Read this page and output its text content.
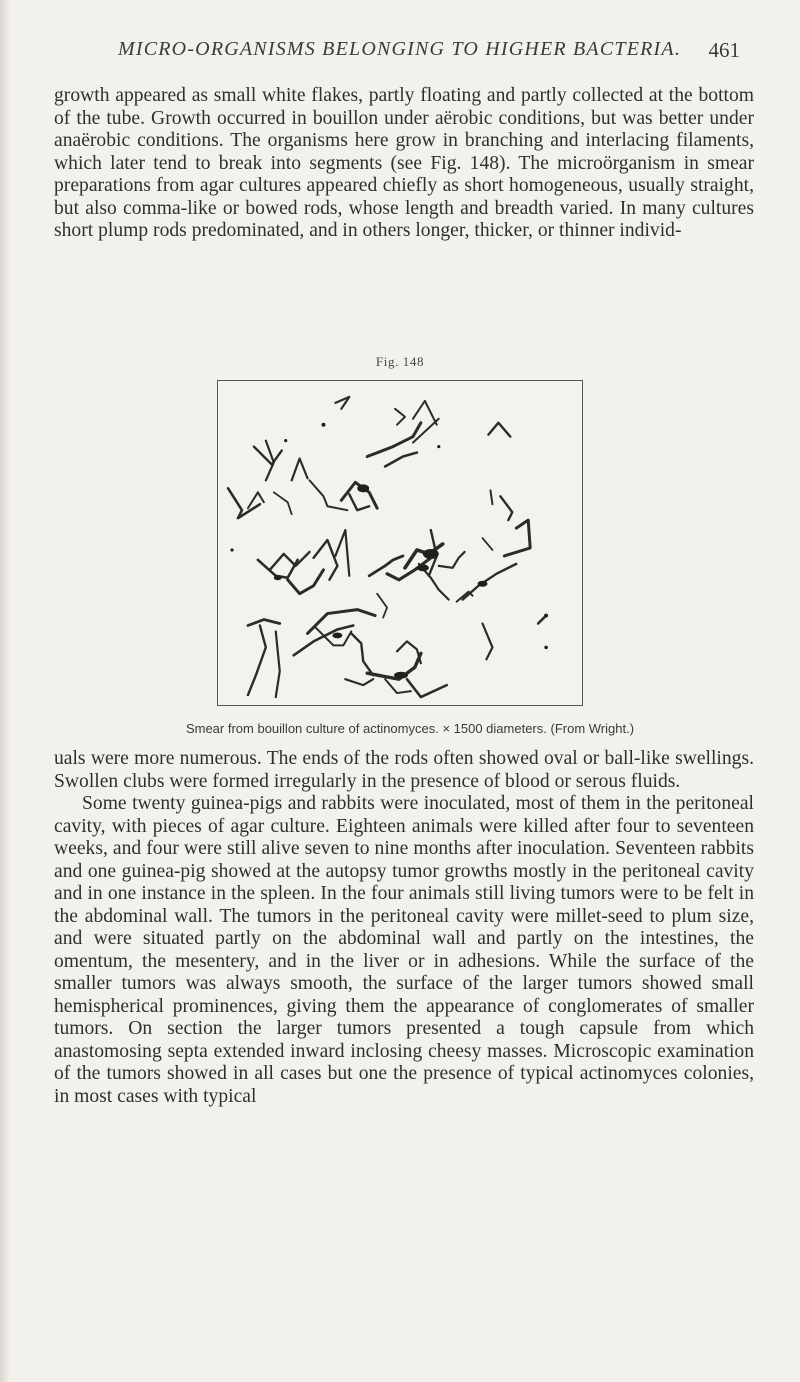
MICRO-ORGANISMS BELONGING TO HIGHER BACTERIA. 461

growth appeared as small white flakes, partly floating and partly collected at the bottom of the tube. Growth occurred in bouillon under aërobic conditions, but was better under anaërobic conditions. The organisms here grow in branching and interlacing filaments, which later tend to break into segments (see Fig. 148). The microörganism in smear preparations from agar cultures appeared chiefly as short homogeneous, usually straight, but also comma-like or bowed rods, whose length and breadth varied. In many cultures short plump rods predominated, and in others longer, thicker, or thinner individ-

Fig. 148
Smear from bouillon culture of actinomyces. × 1500 diameters. (From Wright.)

uals were more numerous. The ends of the rods often showed oval or ball-like swellings. Swollen clubs were formed irregularly in the presence of blood or serous fluids.

Some twenty guinea-pigs and rabbits were inoculated, most of them in the peritoneal cavity, with pieces of agar culture. Eighteen animals were killed after four to seventeen weeks, and four were still alive seven to nine months after inoculation. Seventeen rabbits and one guinea-pig showed at the autopsy tumor growths mostly in the peritoneal cavity and in one instance in the spleen. In the four animals still living tumors were to be felt in the abdominal wall. The tumors in the peritoneal cavity were millet-seed to plum size, and were situated partly on the abdominal wall and partly on the intestines, the omentum, the mesentery, and in the liver or in adhesions. While the surface of the smaller tumors was always smooth, the surface of the larger tumors showed small hemispherical prominences, giving them the appearance of conglomerates of smaller tumors. On section the larger tumors presented a tough capsule from which anastomosing septa extended inward inclosing cheesy masses. Microscopic examination of the tumors showed in all cases but one the presence of typical actinomyces colonies, in most cases with typical
